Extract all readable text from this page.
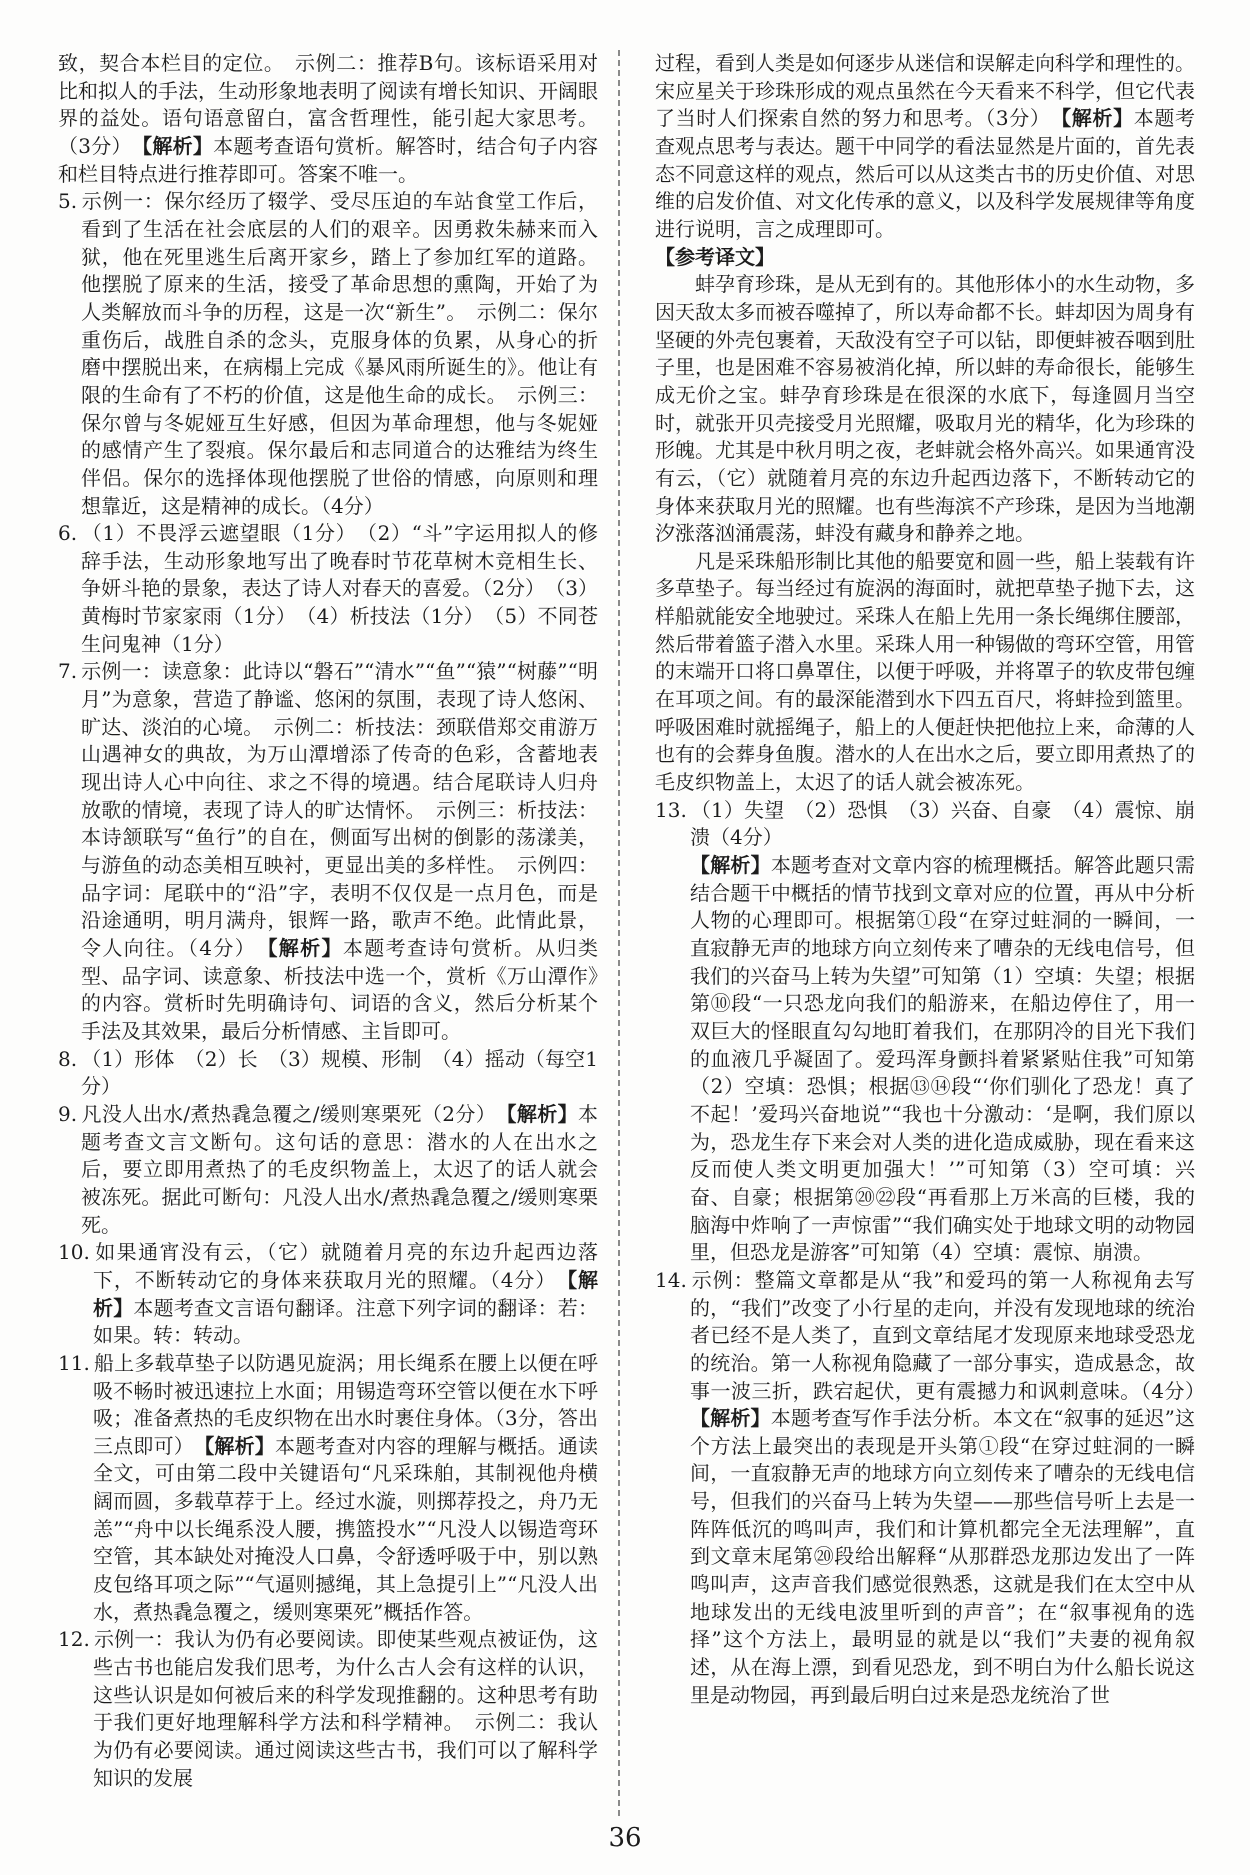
致，契合本栏目的定位。　示例二：推荐B句。该标语采用对比和拟人的手法，生动形象地表明了阅读有增长知识、开阔眼界的益处。语句语意留白，富含哲理性，能引起大家思考。（3分）　【解析】本题考查语句赏析。解答时，结合句子内容和栏目特点进行推荐即可。答案不唯一。
5. 示例一：保尔经历了辍学、受尽压迫的车站食堂工作后，看到了生活在社会底层的人们的艰辛。因勇救朱赫来而入狱，他在死里逃生后离开家乡，踏上了参加红军的道路。他摆脱了原来的生活，接受了革命思想的熏陶，开始了为人类解放而斗争的历程，这是一次“新生”。　示例二：保尔重伤后，战胜自杀的念头，克服身体的负累，从身心的折磨中摆脱出来，在病榻上完成《暴风雨所诞生的》。他让有限的生命有了不朽的价值，这是他生命的成长。　示例三：保尔曾与冬妮娅互生好感，但因为革命理想，他与冬妮娅的感情产生了裂痕。保尔最后和志同道合的达雅结为终生伴侣。保尔的选择体现他摆脱了世俗的情感，向原则和理想靠近，这是精神的成长。（4分）
6. （1）不畏浮云遮望眼（1分）　（2）“斗”字运用拟人的修辞手法，生动形象地写出了晚春时节花草树木竞相生长、争妍斗艳的景象，表达了诗人对春天的喜爱。（2分）　（3）黄梅时节家家雨（1分）　（4）析技法（1分）　（5）不同苍生问鬼神（1分）
7. 示例一：读意象：此诗以“磐石”“清水”“鱼”“猿”“树藤”“明月”为意象，营造了静谧、悠闲的氛围，表现了诗人悠闲、旷达、淡泊的心境。　示例二：析技法：颈联借郑交甫游万山遇神女的典故，为万山潭增添了传奇的色彩，含蓄地表现出诗人心中向往、求之不得的境遇。结合尾联诗人归舟放歌的情境，表现了诗人的旷达情怀。　示例三：析技法：本诗颔联写“鱼行”的自在，侧面写出树的倒影的荡漾美，与游鱼的动态美相互映衬，更显出美的多样性。　示例四：品字词：尾联中的“沿”字，表明不仅仅是一点月色，而是沿途通明，明月满舟，银辉一路，歌声不绝。此情此景，令人向往。（4分）　【解析】本题考查诗句赏析。从归类型、品字词、读意象、析技法中选一个，赏析《万山潭作》的内容。赏析时先明确诗句、词语的含义，然后分析某个手法及其效果，最后分析情感、主旨即可。
8. （1）形体　（2）长　（3）规模、形制　（4）摇动（每空1分）
9. 凡没人出水/煮热毳急覆之/缓则寒栗死（2分）　【解析】本题考查文言文断句。这句话的意思：潜水的人在出水之后，要立即用煮热了的毛皮织物盖上，太迟了的话人就会被冻死。据此可断句：凡没人出水/煮热毳急覆之/缓则寒栗死。
10. 如果通宵没有云，（它）就随着月亮的东边升起西边落下，不断转动它的身体来获取月光的照耀。（4分）　【解析】本题考查文言语句翻译。注意下列字词的翻译：若：如果。转：转动。
11. 船上多载草垫子以防遇见旋涡；用长绳系在腰上以便在呼吸不畅时被迅速拉上水面；用锡造弯环空管以便在水下呼吸；准备煮热的毛皮织物在出水时裹住身体。（3分，答出三点即可）　【解析】本题考查对内容的理解与概括。通读全文，可由第二段中关键语句“凡采珠舶，其制视他舟横阔而圆，多载草荐于上。经过水漩，则掷荐投之，舟乃无恙”“舟中以长绳系没人腰，携篮投水”“凡没人以锡造弯环空管，其本缺处对掩没人口鼻，令舒透呼吸于中，别以熟皮包络耳项之际”“气逼则撼绳，其上急提引上”“凡没人出水，煮热毳急覆之，缓则寒栗死”概括作答。
12. 示例一：我认为仍有必要阅读。即使某些观点被证伪，这些古书也能启发我们思考，为什么古人会有这样的认识，这些认识是如何被后来的科学发现推翻的。这种思考有助于我们更好地理解科学方法和科学精神。　示例二：我认为仍有必要阅读。通过阅读这些古书，我们可以了解科学知识的发展
过程，看到人类是如何逐步从迷信和误解走向科学和理性的。宋应星关于珍珠形成的观点虽然在今天看来不科学，但它代表了当时人们探索自然的努力和思考。（3分）　【解析】本题考查观点思考与表达。题干中同学的看法显然是片面的，首先表态不同意这样的观点，然后可以从这类古书的历史价值、对思维的启发价值、对文化传承的意义，以及科学发展规律等角度进行说明，言之成理即可。
【参考译文】
蚌孕育珍珠，是从无到有的。其他形体小的水生动物，多因天敌太多而被吞噬掉了，所以寿命都不长。蚌却因为周身有坚硬的外壳包裹着，天敌没有空子可以钻，即便蚌被吞咽到肚子里，也是困难不容易被消化掉，所以蚌的寿命很长，能够生成无价之宝。蚌孕育珍珠是在很深的水底下，每逢圆月当空时，就张开贝壳接受月光照耀，吸取月光的精华，化为珍珠的形魄。尤其是中秋月明之夜，老蚌就会格外高兴。如果通宵没有云，（它）就随着月亮的东边升起西边落下，不断转动它的身体来获取月光的照耀。也有些海滨不产珍珠，是因为当地潮汐涨落汹涌震荡，蚌没有藏身和静养之地。
凡是采珠船形制比其他的船要宽和圆一些，船上装载有许多草垫子。每当经过有旋涡的海面时，就把草垫子抛下去，这样船就能安全地驶过。采珠人在船上先用一条长绳绑住腰部，然后带着篮子潜入水里。采珠人用一种锡做的弯环空管，用管的末端开口将口鼻罩住，以便于呼吸，并将罩子的软皮带包缠在耳项之间。有的最深能潜到水下四五百尺，将蚌捡到篮里。呼吸困难时就摇绳子，船上的人便赶快把他拉上来，命薄的人也有的会葬身鱼腹。潜水的人在出水之后，要立即用煮热了的毛皮织物盖上，太迟了的话人就会被冻死。
13. （1）失望　（2）恐惧　（3）兴奋、自豪　（4）震惊、崩溃（4分）
【解析】本题考查对文章内容的梳理概括。解答此题只需结合题干中概括的情节找到文章对应的位置，再从中分析人物的心理即可。根据第①段“在穿过蛀洞的一瞬间，一直寂静无声的地球方向立刻传来了嘈杂的无线电信号，但我们的兴奋马上转为失望”可知第（1）空填：失望；根据第⑩段“一只恐龙向我们的船游来，在船边停住了，用一双巨大的怪眼直勾勾地盯着我们，在那阴冷的目光下我们的血液几乎凝固了。爱玛浑身颤抖着紧紧贴住我”可知第（2）空填：恐惧；根据⑬⑭段“‘你们驯化了恐龙！真了不起！’爱玛兴奋地说”“我也十分激动：‘是啊，我们原以为，恐龙生存下来会对人类的进化造成威胁，现在看来这反而使人类文明更加强大！’”可知第（3）空可填：兴奋、自豪；根据第⑳㉒段“再看那上万米高的巨楼，我的脑海中炸响了一声惊雷”“我们确实处于地球文明的动物园里，但恐龙是游客”可知第（4）空填：震惊、崩溃。
14. 示例：整篇文章都是从“我”和爱玛的第一人称视角去写的，“我们”改变了小行星的走向，并没有发现地球的统治者已经不是人类了，直到文章结尾才发现原来地球受恐龙的统治。第一人称视角隐藏了一部分事实，造成悬念，故事一波三折，跌宕起伏，更有震撼力和讽刺意味。（4分）　【解析】本题考查写作手法分析。本文在“叙事的延迟”这个方法上最突出的表现是开头第①段“在穿过蛀洞的一瞬间，一直寂静无声的地球方向立刻传来了嘈杂的无线电信号，但我们的兴奋马上转为失望——那些信号听上去是一阵阵低沉的鸣叫声，我们和计算机都完全无法理解”，直到文章末尾第⑳段给出解释“从那群恐龙那边发出了一阵鸣叫声，这声音我们感觉很熟悉，这就是我们在太空中从地球发出的无线电波里听到的声音”；在“叙事视角的选择”这个方法上，最明显的就是以“我们”夫妻的视角叙述，从在海上漂，到看见恐龙，到不明白为什么船长说这里是动物园，再到最后明白过来是恐龙统治了世
36
